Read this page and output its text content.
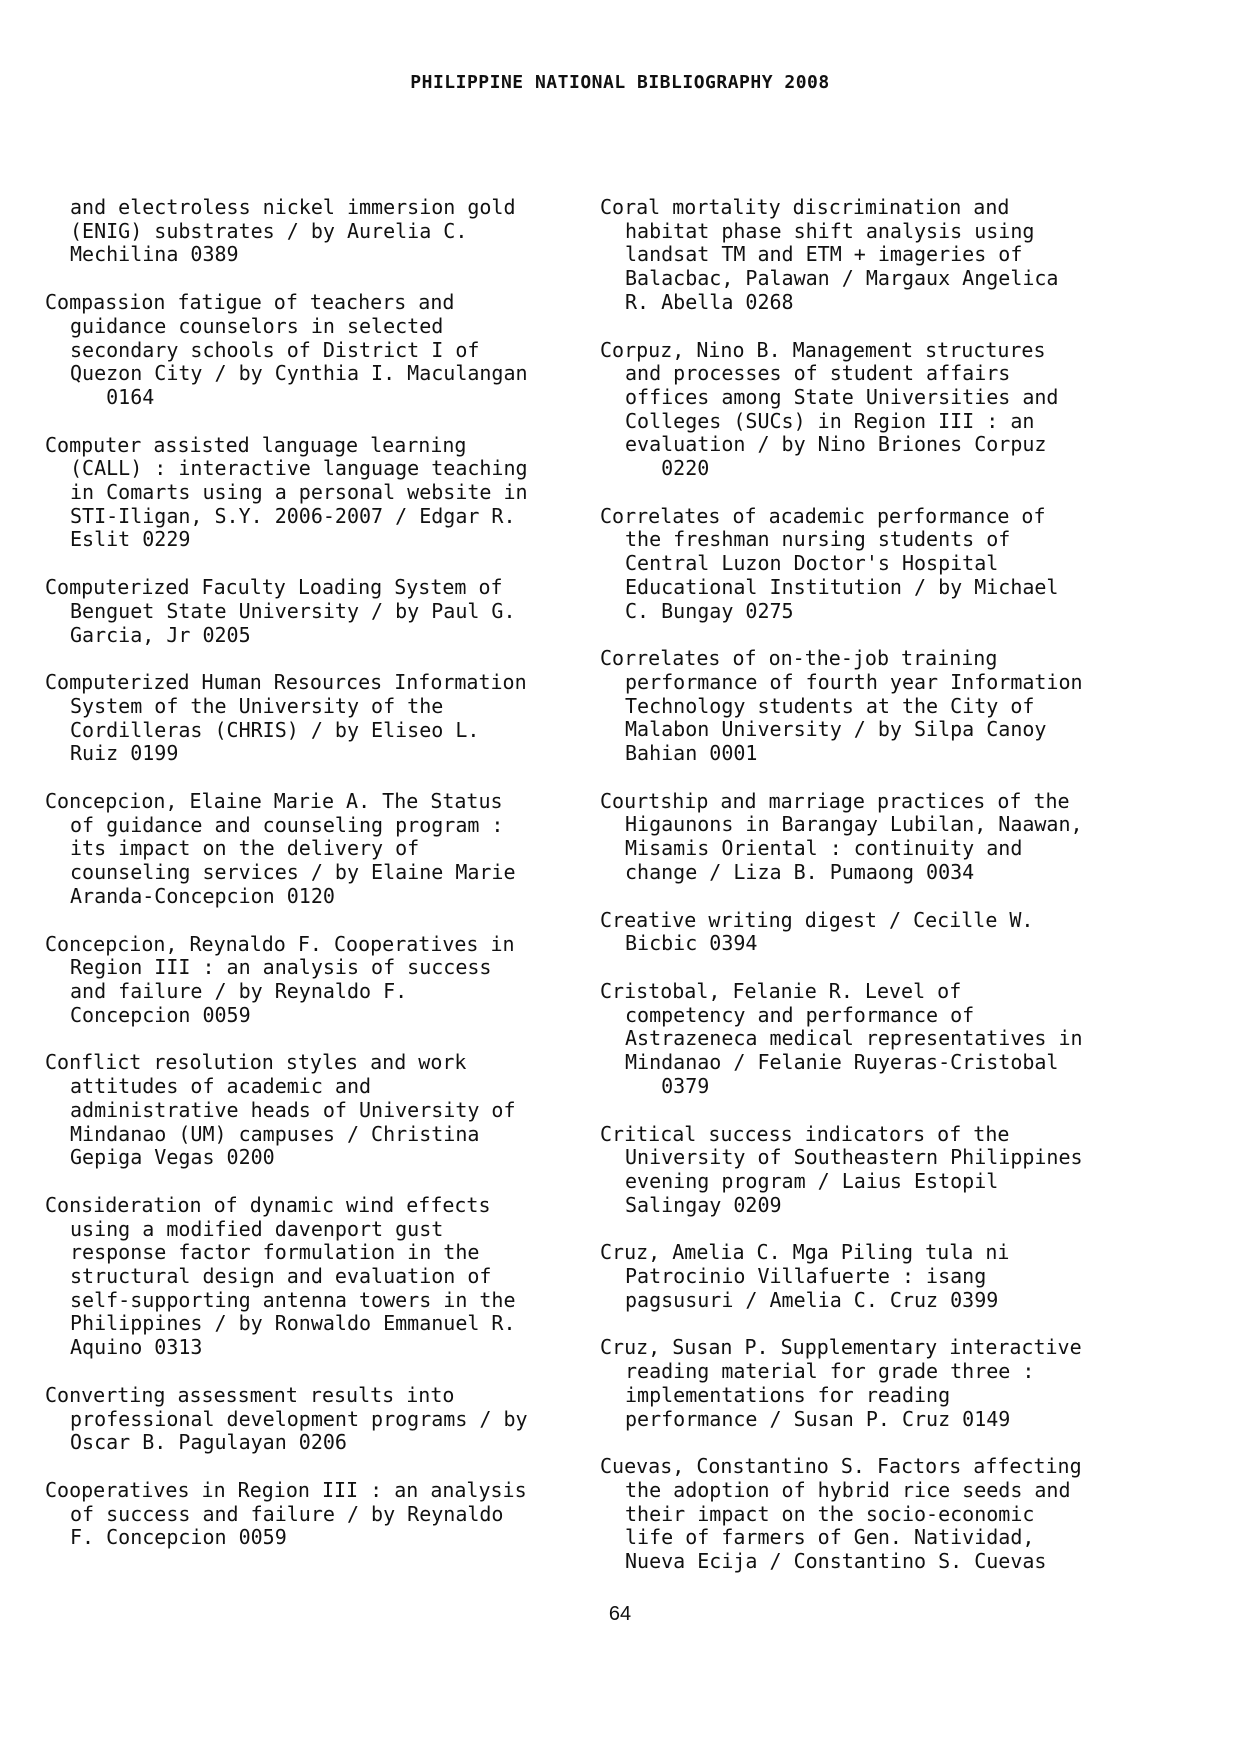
PHILIPPINE NATIONAL BIBLIOGRAPHY 2008
and electroless nickel immersion gold
(ENIG) substrates / by Aurelia C.
Mechilina 0389
Compassion fatigue of teachers and
guidance counselors in selected
secondary schools of District I of
Quezon City / by Cynthia I. Maculangan
0164
Computer assisted language learning
(CALL) : interactive language teaching
in Comarts using a personal website in
STI-Iligan, S.Y. 2006-2007 / Edgar R.
Eslit 0229
Computerized Faculty Loading System of
Benguet State University / by Paul G.
Garcia, Jr 0205
Computerized Human Resources Information
System of the University of the
Cordilleras (CHRIS) / by Eliseo L.
Ruiz 0199
Concepcion, Elaine Marie A. The Status
of guidance and counseling program :
its impact on the delivery of
counseling services / by Elaine Marie
Aranda-Concepcion 0120
Concepcion, Reynaldo F. Cooperatives in
Region III : an analysis of success
and failure / by Reynaldo F.
Concepcion 0059
Conflict resolution styles and work
attitudes of academic and
administrative heads of University of
Mindanao (UM) campuses / Christina
Gepiga Vegas 0200
Consideration of dynamic wind effects
using a modified davenport gust
response factor formulation in the
structural design and evaluation of
self-supporting antenna towers in the
Philippines / by Ronwaldo Emmanuel R.
Aquino 0313
Converting assessment results into
professional development programs / by
Oscar B. Pagulayan 0206
Cooperatives in Region III : an analysis
of success and failure / by Reynaldo
F. Concepcion 0059
Coral mortality discrimination and
habitat phase shift analysis using
landsat TM and ETM + imageries of
Balacbac, Palawan / Margaux Angelica
R. Abella 0268
Corpuz, Nino B. Management structures
and processes of student affairs
offices among State Universities and
Colleges (SUCs) in Region III : an
evaluation / by Nino Briones Corpuz
0220
Correlates of academic performance of
the freshman nursing students of
Central Luzon Doctor's Hospital
Educational Institution / by Michael
C. Bungay 0275
Correlates of on-the-job training
performance of fourth year Information
Technology students at the City of
Malabon University / by Silpa Canoy
Bahian 0001
Courtship and marriage practices of the
Higaunons in Barangay Lubilan, Naawan,
Misamis Oriental : continuity and
change / Liza B. Pumaong 0034
Creative writing digest / Cecille W.
Bicbic 0394
Cristobal, Felanie R. Level of
competency and performance of
Astrazeneca medical representatives in
Mindanao / Felanie Ruyeras-Cristobal
0379
Critical success indicators of the
University of Southeastern Philippines
evening program / Laius Estopil
Salingay 0209
Cruz, Amelia C. Mga Piling tula ni
Patrocinio Villafuerte : isang
pagsusuri / Amelia C. Cruz 0399
Cruz, Susan P. Supplementary interactive
reading material for grade three :
implementations for reading
performance / Susan P. Cruz 0149
Cuevas, Constantino S. Factors affecting
the adoption of hybrid rice seeds and
their impact on the socio-economic
life of farmers of Gen. Natividad,
Nueva Ecija / Constantino S. Cuevas
64
